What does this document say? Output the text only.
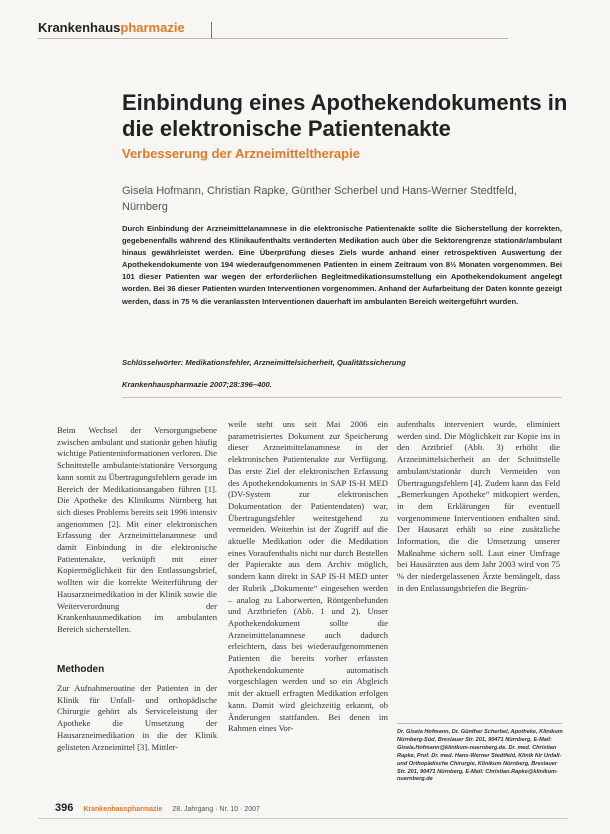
Krankenhaus pharmazie
Einbindung eines Apothekendokuments in die elektronische Patientenakte
Verbesserung der Arzneimitteltherapie
Gisela Hofmann, Christian Rapke, Günther Scherbel und Hans-Werner Stedtfeld, Nürnberg
Durch Einbindung der Arzneimittelanamnese in die elektronische Patientenakte sollte die Sicherstellung der korrekten, gegebenenfalls während des Klinikaufenthalts veränderten Medikation auch über die Sektorengrenze stationär/ambulant hinaus gewährleistet werden. Eine Überprüfung dieses Ziels wurde anhand einer retrospektiven Auswertung der Apothekendokumente von 194 wiederaufgenommenen Patienten in einem Zeitraum von 8½ Monaten vorgenommen. Bei 101 dieser Patienten war wegen der erforderlichen Begleitmedikationsumstellung ein Apothekendokument angelegt worden. Bei 36 dieser Patienten wurden Interventionen vorgenommen. Anhand der Aufarbeitung der Daten konnte gezeigt werden, dass in 75 % die veranlassten Interventionen dauerhaft im ambulanten Bereich weitergeführt wurden.
Schlüsselwörter: Medikationsfehler, Arzneimittelsicherheit, Qualitätssicherung
Krankenhauspharmazie 2007;28:396–400.

Beim Wechsel der Versorgungsebene zwischen ambulant und stationär gehen häufig wichtige Patienteninformationen verloren. Die Schnittstelle ambulante/stationäre Versorgung kann somit zu Übertragungsfehlern gerade im Bereich der Medikationsangaben führen [1]. Die Apotheke des Klinikums Nürnberg hat sich dieses Problems bereits seit 1996 intensiv angenommen [2]. Mit einer elektronischen Erfassung der Arzneimittelanamnese und damit Einbindung in die elektronische Patientenakte, verknüpft mit einer Kopiermöglichkeit für den Entlassungsbrief, wollten wir die korrekte Weiterführung der Hausarzneimedikation in der Klinik sowie die Weiterverordnung der Krankenhausmedikation im ambulanten Bereich sicherstellen.

Methoden

Zur Aufnahmeroutine der Patienten in der Klinik für Unfall- und orthopädische Chirurgie gehört als Serviceleistung der Apotheke die Umsetzung der Hausarzneimedikation in die der Klinik gelisteten Arzneimittel [3]. Mittler-

weile steht uns seit Mai 2006 ein parametrisiertes Dokument zur Speicherung dieser Arzneimittelanamnese in der elektronischen Patientenakte zur Verfügung. Das erste Ziel der elektronischen Erfassung des Apothekendokuments in SAP IS-H MED (DV-System zur elektronischen Dokumentation der Patientendaten) war, Übertragungsfehler weitestgehend zu vermeiden. Weiterhin ist der Zugriff auf die aktuelle Medikation oder die Medikation eines Voraufenthalts nicht nur durch Bestellen der Papierakte aus dem Archiv möglich, sondern kann direkt in SAP IS-H MED unter der Rubrik „Dokumente“ eingesehen werden – analog zu Laborwerten, Röntgenbefunden und Arztbriefen (Abb. 1 und 2). Unser Apothekendokument sollte die Arzneimittelanamnese auch dadurch erleichtern, dass bei wiederaufgenommenen Patienten die bereits vorher erfassten Apothekendokumente automatisch vorgeschlagen werden und so ein Abgleich mit der aktuell erfragten Medikation erfolgen kann. Damit wird gleichzeitig erkannt, ob Änderungen stattfanden. Bei denen im Rahmen eines Vor-

aufenthalts interveniert wurde, eliminiert werden sind. Die Möglichkeit zur Kopie ins in den Arztbrief (Abb. 3) erhöht die Arzneimittelsicherheit an der Schnittstelle ambulant/stationär durch Vermeiden von Übertragungsfehlern [4]. Zudem kann das Feld „Bemerkungen Apotheke“ mitkopiert werden, in dem Erklärungen für eventuell vorgenommene Interventionen enthalten sind. Der Hausarzt erhält so eine zusätzliche Information, die die Umsetzung unserer Maßnahme sichern soll. Laut einer Umfrage bei Hausärzten aus dem Jahr 2003 wird von 75 % der niedergelassenen Ärzte bemängelt, dass in den Entlassungsbriefen die Begrün-

Dr. Gisela Hofmann, Dr. Günther Scherbel, Apotheke, Klinikum Nürnberg-Süd, Breslauer Str. 201, 90471 Nürnberg, E-Mail: Gisela.Hofmann@klinikum-nuernberg.de. Dr. med. Christian Rapke, Prof. Dr. med. Hans-Werner Stedtfeld, Klinik für Unfall- und Orthopädische Chirurgie, Klinikum Nürnberg, Breslauer Str. 201, 90471 Nürnberg, E-Mail: Christian.Rapke@klinikum-nuernberg.de
396 Krankenhauspharmazie 28. Jahrgang · Nr. 10 · 2007
